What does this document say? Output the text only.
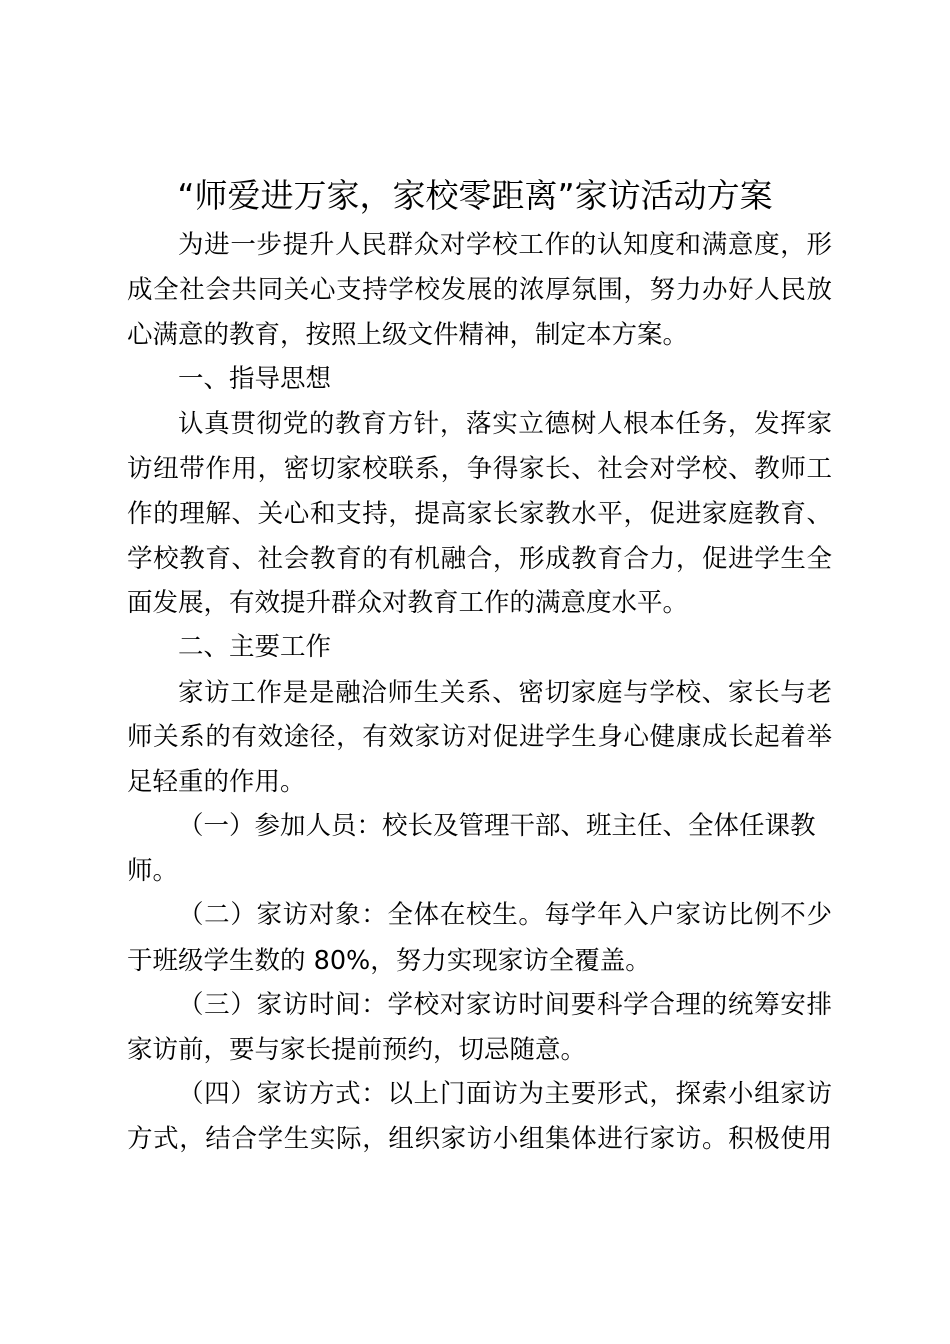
“师爱进万家，家校零距离”家访活动方案
为进一步提升人民群众对学校工作的认知度和满意度，形
成全社会共同关心支持学校发展的浓厚氛围，努力办好人民放
心满意的教育，按照上级文件精神，制定本方案。
一、指导思想
认真贯彻党的教育方针，落实立德树人根本任务，发挥家
访纽带作用，密切家校联系，争得家长、社会对学校、教师工
作的理解、关心和支持，提高家长家教水平，促进家庭教育、
学校教育、社会教育的有机融合，形成教育合力，促进学生全
面发展，有效提升群众对教育工作的满意度水平。
二、主要工作
家访工作是是融洽师生关系、密切家庭与学校、家长与老
师关系的有效途径，有效家访对促进学生身心健康成长起着举
足轻重的作用。
（一）参加人员：校长及管理干部、班主任、全体任课教
师。
（二）家访对象：全体在校生。每学年入户家访比例不少
于班级学生数的 80%，努力实现家访全覆盖。
（三）家访时间：学校对家访时间要科学合理的统筹安排
家访前，要与家长提前预约，切忌随意。
（四）家访方式：以上门面访为主要形式，探索小组家访
方式，结合学生实际，组织家访小组集体进行家访。积极使用
